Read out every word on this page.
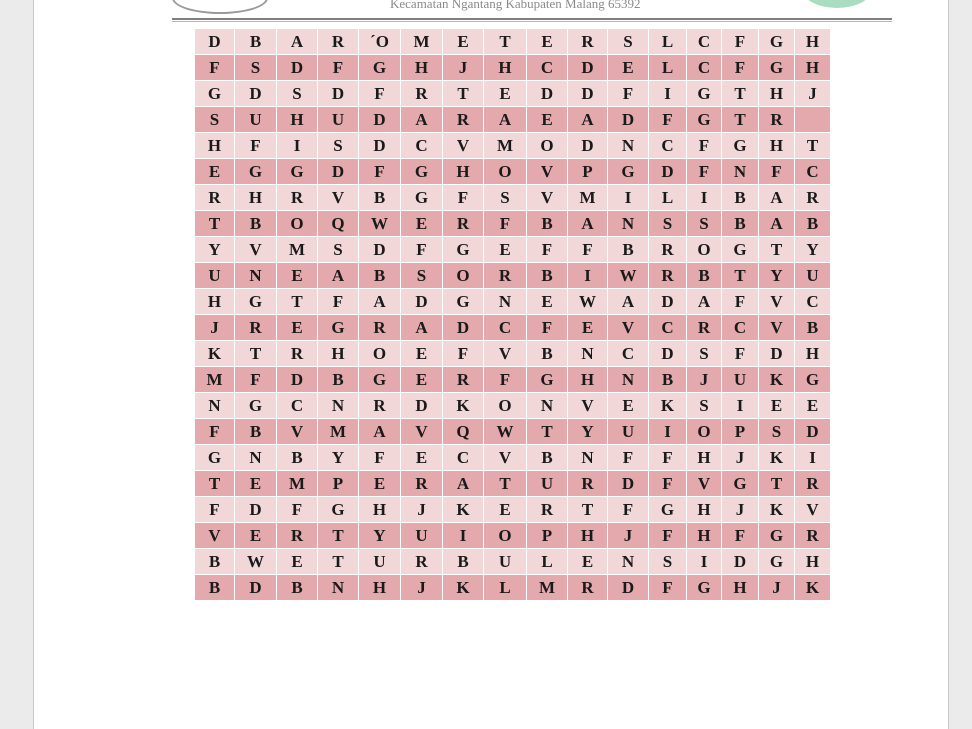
Kecamatan Ngantang Kabupaten Malang 65392
D	B	A	R	´O	M	E	T	E	R	S	L	C	F	G	H
F	S	D	F	G	H	J	H	C	D	E	L	C	F	G	H
G	D	S	D	F	R	T	E	D	D	F	I	G	T	H	J
S	U	H	U	D	A	R	A	E	A	D	F	G	T	R	
H	F	I	S	D	C	V	M	O	D	N	C	F	G	H	T
E	G	G	D	F	G	H	O	V	P	G	D	F	N	F	C
R	H	R	V	B	G	F	S	V	M	I	L	I	B	A	R
T	B	O	Q	W	E	R	F	B	A	N	S	S	B	A	B
Y	V	M	S	D	F	G	E	F	F	B	R	O	G	T	Y
U	N	E	A	B	S	O	R	B	I	W	R	B	T	Y	U
H	G	T	F	A	D	G	N	E	W	A	D	A	F	V	C
J	R	E	G	R	A	D	C	F	E	V	C	R	C	V	B
K	T	R	H	O	E	F	V	B	N	C	D	S	F	D	H
M	F	D	B	G	E	R	F	G	H	N	B	J	U	K	G
N	G	C	N	R	D	K	O	N	V	E	K	S	I	E	E
F	B	V	M	A	V	Q	W	T	Y	U	I	O	P	S	D
G	N	B	Y	F	E	C	V	B	N	F	F	H	J	K	I
T	E	M	P	E	R	A	T	U	R	D	F	V	G	T	R
F	D	F	G	H	J	K	E	R	T	F	G	H	J	K	V
V	E	R	T	Y	U	I	O	P	H	J	F	H	F	G	R
B	W	E	T	U	R	B	U	L	E	N	S	I	D	G	H
B	D	B	N	H	J	K	L	M	R	D	F	G	H	J	K
